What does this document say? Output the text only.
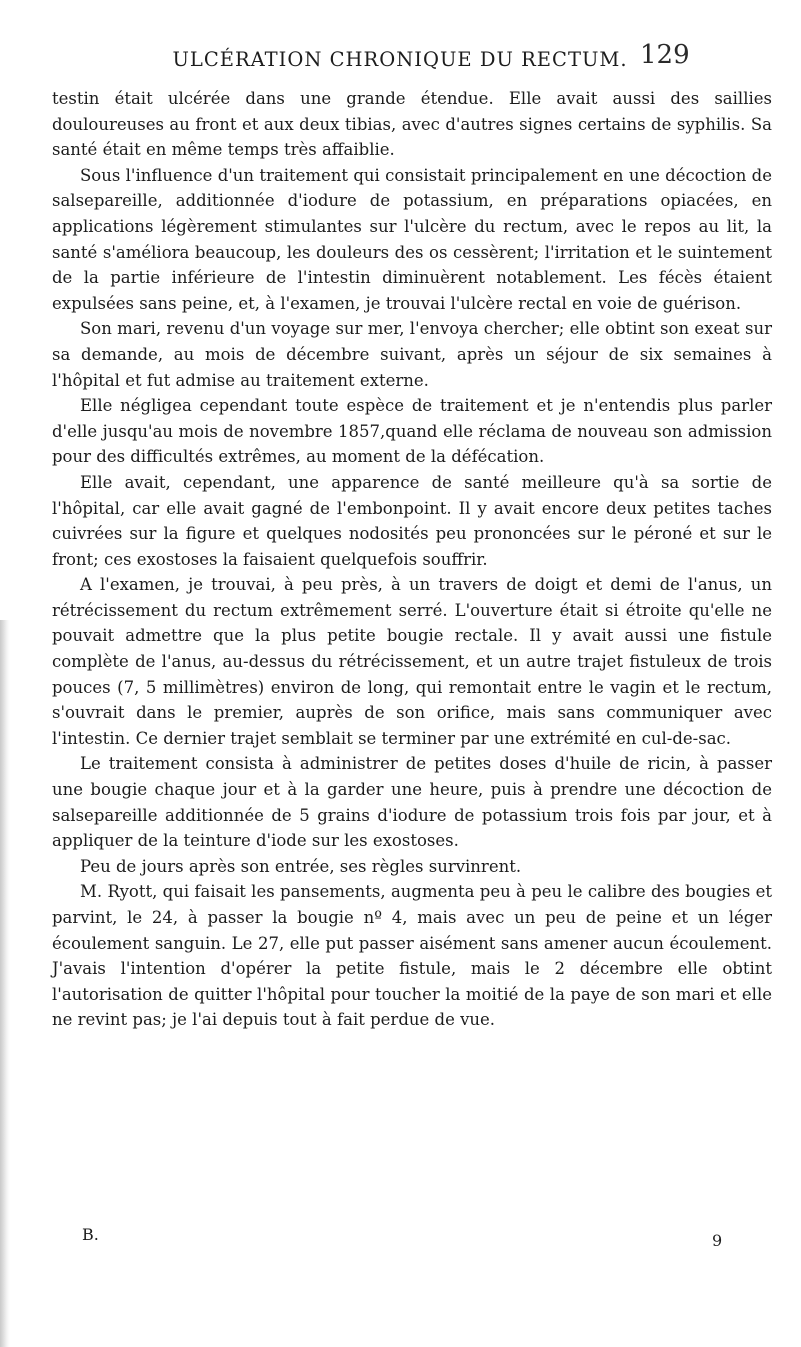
ULCÉRATION CHRONIQUE DU RECTUM. 129

testin était ulcérée dans une grande étendue. Elle avait aussi des saillies douloureuses au front et aux deux tibias, avec d'autres signes certains de syphilis. Sa santé était en même temps très affaiblie.

Sous l'influence d'un traitement qui consistait principalement en une décoction de salsepareille, additionnée d'iodure de potassium, en préparations opiacées, en applications légèrement stimulantes sur l'ulcère du rectum, avec le repos au lit, la santé s'améliora beaucoup, les douleurs des os cessèrent; l'irritation et le suintement de la partie inférieure de l'intestin diminuèrent notablement. Les fécès étaient expulsées sans peine, et, à l'examen, je trouvai l'ulcère rectal en voie de guérison.

Son mari, revenu d'un voyage sur mer, l'envoya chercher; elle obtint son exeat sur sa demande, au mois de décembre suivant, après un séjour de six semaines à l'hôpital et fut admise au traitement externe.

Elle négligea cependant toute espèce de traitement et je n'entendis plus parler d'elle jusqu'au mois de novembre 1857,quand elle réclama de nouveau son admission pour des difficultés extrêmes, au moment de la défécation.

Elle avait, cependant, une apparence de santé meilleure qu'à sa sortie de l'hôpital, car elle avait gagné de l'embonpoint. Il y avait encore deux petites taches cuivrées sur la figure et quelques nodosités peu prononcées sur le péroné et sur le front; ces exostoses la faisaient quelquefois souffrir.

A l'examen, je trouvai, à peu près, à un travers de doigt et demi de l'anus, un rétrécissement du rectum extrêmement serré. L'ouverture était si étroite qu'elle ne pouvait admettre que la plus petite bougie rectale. Il y avait aussi une fistule complète de l'anus, au-dessus du rétrécissement, et un autre trajet fistuleux de trois pouces (7, 5 millimètres) environ de long, qui remontait entre le vagin et le rectum, s'ouvrait dans le premier, auprès de son orifice, mais sans communiquer avec l'intestin. Ce dernier trajet semblait se terminer par une extrémité en cul-de-sac.

Le traitement consista à administrer de petites doses d'huile de ricin, à passer une bougie chaque jour et à la garder une heure, puis à prendre une décoction de salsepareille additionnée de 5 grains d'iodure de potassium trois fois par jour, et à appliquer de la teinture d'iode sur les exostoses.

Peu de jours après son entrée, ses règles survinrent.

M. Ryott, qui faisait les pansements, augmenta peu à peu le calibre des bougies et parvint, le 24, à passer la bougie nº 4, mais avec un peu de peine et un léger écoulement sanguin. Le 27, elle put passer aisément sans amener aucun écoulement. J'avais l'intention d'opérer la petite fistule, mais le 2 décembre elle obtint l'autorisation de quitter l'hôpital pour toucher la moitié de la paye de son mari et elle ne revint pas; je l'ai depuis tout à fait perdue de vue.

B.	9
